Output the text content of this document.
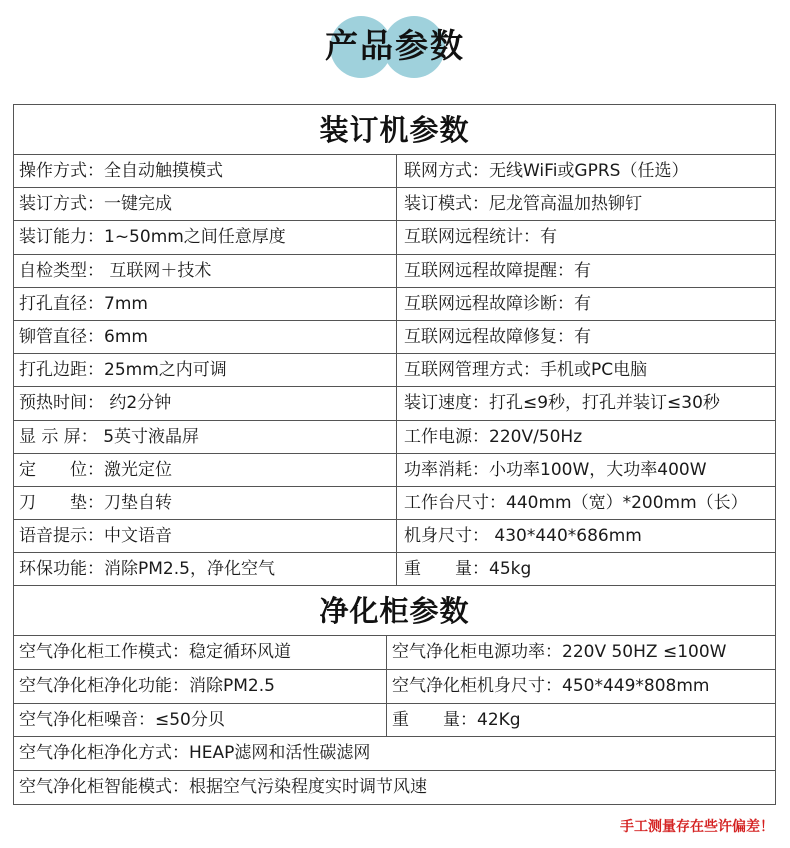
产品参数
装订机参数
操作方式：全自动触摸模式	联网方式：无线WiFi或GPRS（任选）
装订方式：一键完成	装订模式：尼龙管高温加热铆钉
装订能力：1~50mm之间任意厚度	互联网远程统计：有
自检类型： 互联网＋技术	互联网远程故障提醒：有
打孔直径：7mm	互联网远程故障诊断：有
铆管直径：6mm	互联网远程故障修复：有
打孔边距：25mm之内可调	互联网管理方式：手机或PC电脑
预热时间： 约2分钟	装订速度：打孔≤9秒，打孔并装订≤30秒
显 示 屏： 5英寸液晶屏	工作电源：220V/50Hz
定　　位：激光定位	功率消耗：小功率100W，大功率400W
刀　　垫：刀垫自转	工作台尺寸：440mm（宽）*200mm（长）
语音提示：中文语音	机身尺寸： 430*440*686mm
环保功能：消除PM2.5，净化空气	重　　量：45kg
净化柜参数
空气净化柜工作模式：稳定循环风道	空气净化柜电源功率：220V 50HZ ≤100W
空气净化柜净化功能：消除PM2.5	空气净化柜机身尺寸：450*449*808mm
空气净化柜噪音：≤50分贝	重　　量：42Kg
空气净化柜净化方式：HEAP滤网和活性碳滤网
空气净化柜智能模式：根据空气污染程度实时调节风速
手工测量存在些许偏差！
